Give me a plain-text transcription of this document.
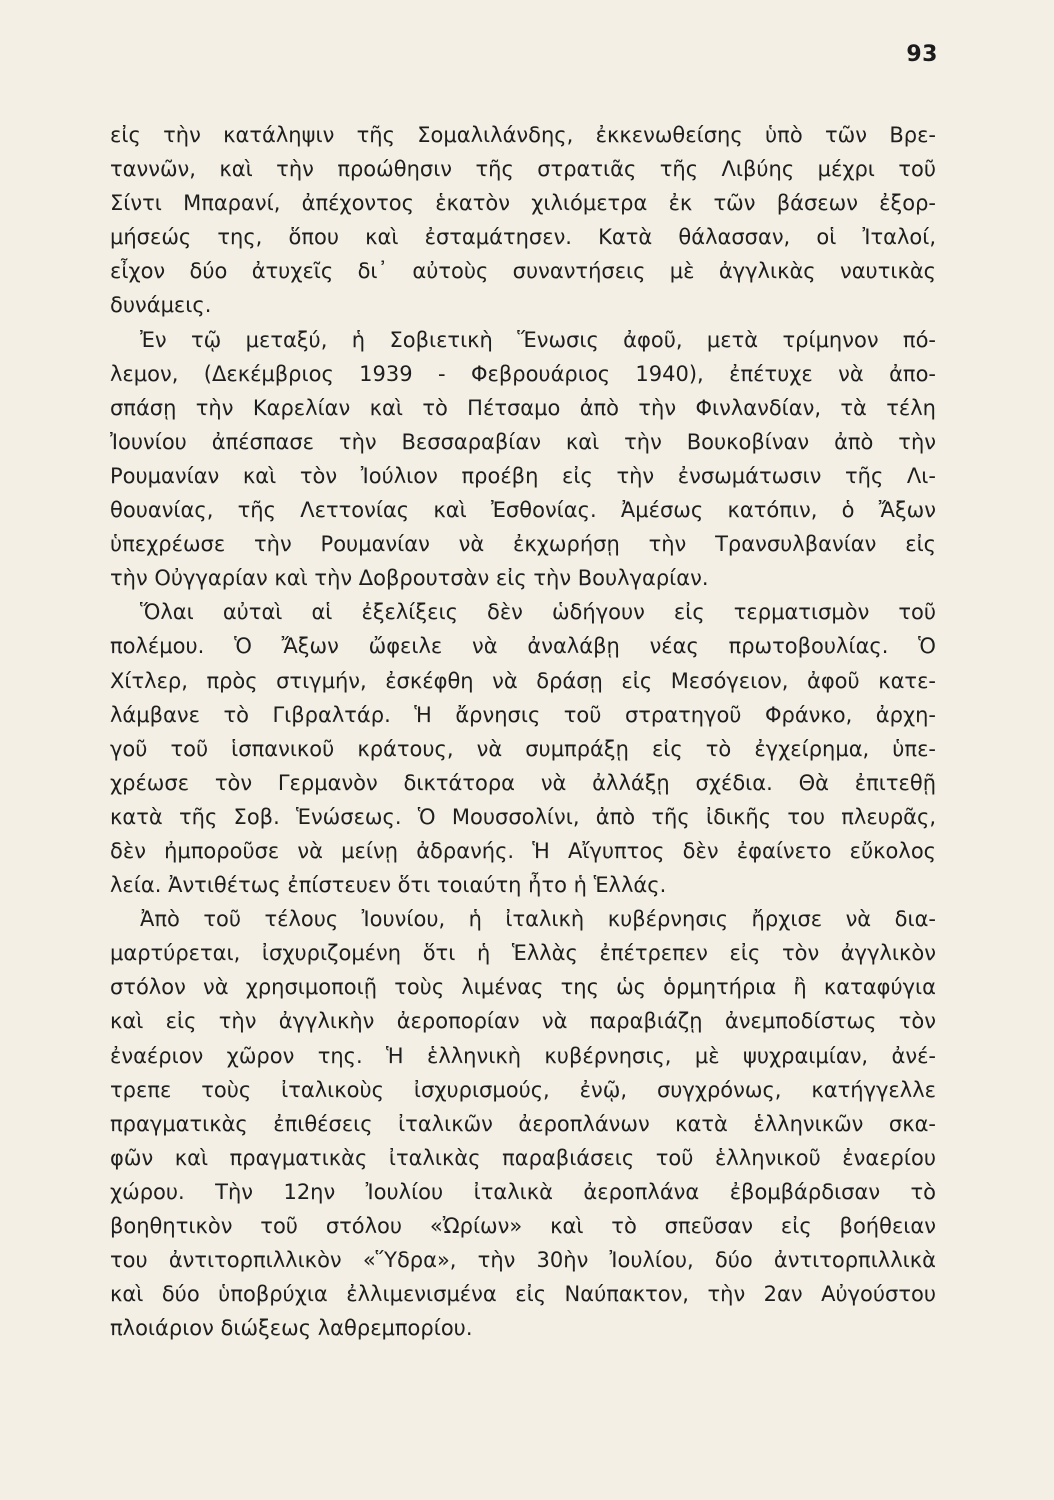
93
εἰς τὴν κατάληψιν τῆς Σομαλιλάνδης, ἐκκενωθείσης ὑπὸ τῶν Βρε-
ταννῶν, καὶ τὴν προώθησιν τῆς στρατιᾶς τῆς Λιβύης μέχρι τοῦ
Σίντι Μπαρανί, ἀπέχοντος ἑκατὸν χιλιόμετρα ἐκ τῶν βάσεων ἐξορ-
μήσεώς της, ὅπου καὶ ἐσταμάτησεν. Κατὰ θάλασσαν, οἱ Ἰταλοί,
εἶχον δύο ἀτυχεῖς δι᾽ αὐτοὺς συναντήσεις μὲ ἀγγλικὰς ναυτικὰς
δυνάμεις.
Ἐν τῷ μεταξύ, ἡ Σοβιετικὴ Ἕνωσις ἀφοῦ, μετὰ τρίμηνον πό-
λεμον, (Δεκέμβριος 1939 - Φεβρουάριος 1940), ἐπέτυχε νὰ ἀπο-
σπάσῃ τὴν Καρελίαν καὶ τὸ Πέτσαμο ἀπὸ τὴν Φινλανδίαν, τὰ τέλη
Ἰουνίου ἀπέσπασε τὴν Βεσσαραβίαν καὶ τὴν Βουκοβίναν ἀπὸ τὴν
Ρουμανίαν καὶ τὸν Ἰούλιον προέβη εἰς τὴν ἐνσωμάτωσιν τῆς Λι-
θουανίας, τῆς Λεττονίας καὶ Ἐσθονίας. Ἀμέσως κατόπιν, ὁ Ἄξων
ὑπεχρέωσε τὴν Ρουμανίαν νὰ ἐκχωρήσῃ τὴν Τρανσυλβανίαν εἰς
τὴν Οὐγγαρίαν καὶ τὴν Δοβρουτσὰν εἰς τὴν Βουλγαρίαν.
Ὅλαι αὐταὶ αἱ ἐξελίξεις δὲν ὡδήγουν εἰς τερματισμὸν τοῦ
πολέμου. Ὁ Ἄξων ὤφειλε νὰ ἀναλάβῃ νέας πρωτοβουλίας. Ὁ
Χίτλερ, πρὸς στιγμήν, ἐσκέφθη νὰ δράσῃ εἰς Μεσόγειον, ἀφοῦ κατε-
λάμβανε τὸ Γιβραλτάρ. Ἡ ἄρνησις τοῦ στρατηγοῦ Φράνκο, ἀρχη-
γοῦ τοῦ ἱσπανικοῦ κράτους, νὰ συμπράξῃ εἰς τὸ ἐγχείρημα, ὑπε-
χρέωσε τὸν Γερμανὸν δικτάτορα νὰ ἀλλάξῃ σχέδια. Θὰ ἐπιτεθῇ
κατὰ τῆς Σοβ. Ἑνώσεως. Ὁ Μουσσολίνι, ἀπὸ τῆς ἰδικῆς του πλευρᾶς,
δὲν ἠμποροῦσε νὰ μείνῃ ἀδρανής. Ἡ Αἴγυπτος δὲν ἐφαίνετο εὔκολος
λεία. Ἀντιθέτως ἐπίστευεν ὅτι τοιαύτη ἦτο ἡ Ἑλλάς.
Ἀπὸ τοῦ τέλους Ἰουνίου, ἡ ἰταλικὴ κυβέρνησις ἤρχισε νὰ δια-
μαρτύρεται, ἰσχυριζομένη ὅτι ἡ Ἑλλὰς ἐπέτρεπεν εἰς τὸν ἀγγλικὸν
στόλον νὰ χρησιμοποιῇ τοὺς λιμένας της ὡς ὁρμητήρια ἢ καταφύγια
καὶ εἰς τὴν ἀγγλικὴν ἀεροπορίαν νὰ παραβιάζῃ ἀνεμποδίστως τὸν
ἐναέριον χῶρον της. Ἡ ἑλληνικὴ κυβέρνησις, μὲ ψυχραιμίαν, ἀνέ-
τρεπε τοὺς ἰταλικοὺς ἰσχυρισμούς, ἐνῷ, συγχρόνως, κατήγγελλε
πραγματικὰς ἐπιθέσεις ἰταλικῶν ἀεροπλάνων κατὰ ἑλληνικῶν σκα-
φῶν καὶ πραγματικὰς ἰταλικὰς παραβιάσεις τοῦ ἑλληνικοῦ ἐναερίου
χώρου. Τὴν 12ην Ἰουλίου ἰταλικὰ ἀεροπλάνα ἐβομβάρδισαν τὸ
βοηθητικὸν τοῦ στόλου «Ὠρίων» καὶ τὸ σπεῦσαν εἰς βοήθειαν
του ἀντιτορπιλλικὸν «Ὕδρα», τὴν 30ὴν Ἰουλίου, δύο ἀντιτορπιλλικὰ
καὶ δύο ὑποβρύχια ἐλλιμενισμένα εἰς Ναύπακτον, τὴν 2αν Αὐγούστου
πλοιάριον διώξεως λαθρεμπορίου.
